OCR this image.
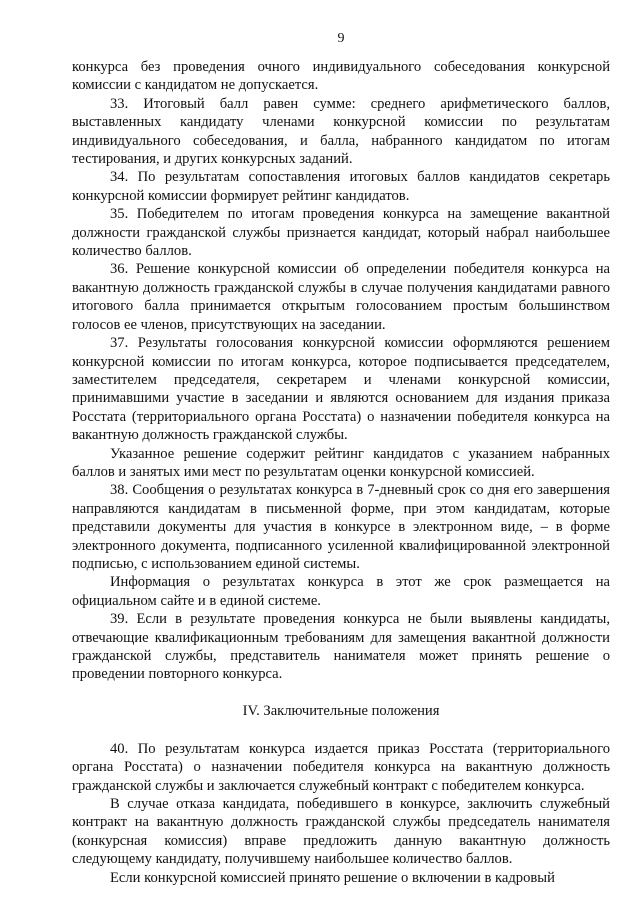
9

конкурса без проведения очного индивидуального собеседования конкурсной комиссии с кандидатом не допускается.

33. Итоговый балл равен сумме: среднего арифметического баллов, выставленных кандидату членами конкурсной комиссии по результатам индивидуального собеседования, и балла, набранного кандидатом по итогам тестирования, и других конкурсных заданий.

34. По результатам сопоставления итоговых баллов кандидатов секретарь конкурсной комиссии формирует рейтинг кандидатов.

35. Победителем по итогам проведения конкурса на замещение вакантной должности гражданской службы признается кандидат, который набрал наибольшее количество баллов.

36. Решение конкурсной комиссии об определении победителя конкурса на вакантную должность гражданской службы в случае получения кандидатами равного итогового балла принимается открытым голосованием простым большинством голосов ее членов, присутствующих на заседании.

37. Результаты голосования конкурсной комиссии оформляются решением конкурсной комиссии по итогам конкурса, которое подписывается председателем, заместителем председателя, секретарем и членами конкурсной комиссии, принимавшими участие в заседании и являются основанием для издания приказа Росстата (территориального органа Росстата) о назначении победителя конкурса на вакантную должность гражданской службы.

Указанное решение содержит рейтинг кандидатов с указанием набранных баллов и занятых ими мест по результатам оценки конкурсной комиссией.

38. Сообщения о результатах конкурса в 7-дневный срок со дня его завершения направляются кандидатам в письменной форме, при этом кандидатам, которые представили документы для участия в конкурсе в электронном виде, – в форме электронного документа, подписанного усиленной квалифицированной электронной подписью, с использованием единой системы.

Информация о результатах конкурса в этот же срок размещается на официальном сайте и в единой системе.

39. Если в результате проведения конкурса не были выявлены кандидаты, отвечающие квалификационным требованиям для замещения вакантной должности гражданской службы, представитель нанимателя может принять решение о проведении повторного конкурса.

IV. Заключительные положения

40. По результатам конкурса издается приказ Росстата (территориального органа Росстата) о назначении победителя конкурса на вакантную должность гражданской службы и заключается служебный контракт с победителем конкурса.

В случае отказа кандидата, победившего в конкурсе, заключить служебный контракт на вакантную должность гражданской службы председатель нанимателя (конкурсная комиссия) вправе предложить данную вакантную должность следующему кандидату, получившему наибольшее количество баллов.

Если конкурсной комиссией принято решение о включении в кадровый
